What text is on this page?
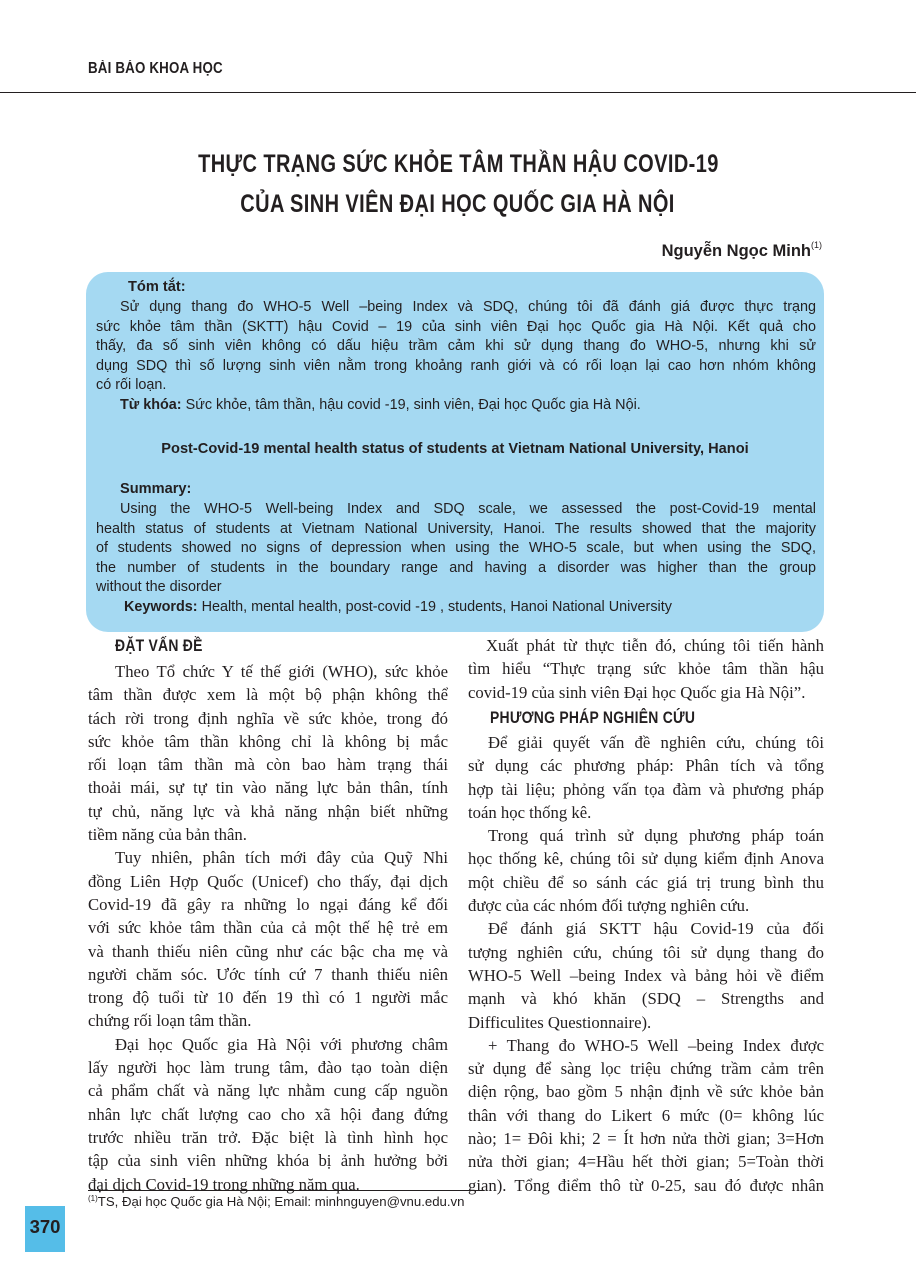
BÀI BÁO KHOA HỌC
THỰC TRẠNG SỨC KHỎE TÂM THẦN HẬU COVID-19
CỦA SINH VIÊN ĐẠI HỌC QUỐC GIA HÀ NỘI
Nguyễn Ngọc Minh$^{(1)}$
Tóm tắt:
Sử dụng thang đo WHO-5 Well –being Index và SDQ, chúng tôi đã đánh giá được thực trạng
sức khỏe tâm thần (SKTT) hậu Covid – 19 của sinh viên Đại học Quốc gia Hà Nội. Kết quả cho
thấy, đa số sinh viên không có dấu hiệu trầm cảm khi sử dụng thang đo WHO-5, nhưng khi sử
dụng SDQ thì số lượng sinh viên nằm trong khoảng ranh giới và có rối loạn lại cao hơn nhóm không
có rối loạn.
Từ khóa: Sức khỏe, tâm thần, hậu covid -19, sinh viên, Đại học Quốc gia Hà Nội.
Post-Covid-19 mental health status of students at Vietnam National University, Hanoi
Summary:
Using the WHO-5 Well-being Index and SDQ scale, we assessed the post-Covid-19 mental
health status of students at Vietnam National University, Hanoi. The results showed that the majority
of students showed no signs of depression when using the WHO-5 scale, but when using the SDQ,
the number of students in the boundary range and having a disorder was higher than the group
without the disorder
Keywords: Health, mental health, post-covid -19 , students, Hanoi National University
ĐẶT VẤN ĐỀ
Theo Tổ chức Y tế thế giới (WHO), sức khỏe
tâm thần được xem là một bộ phận không thể
tách rời trong định nghĩa về sức khỏe, trong đó
sức khỏe tâm thần không chỉ là không bị mắc
rối loạn tâm thần mà còn bao hàm trạng thái
thoải mái, sự tự tin vào năng lực bản thân, tính
tự chủ, năng lực và khả năng nhận biết những
tiềm năng của bản thân.
Tuy nhiên, phân tích mới đây của Quỹ Nhi
đồng Liên Hợp Quốc (Unicef) cho thấy, đại dịch
Covid-19 đã gây ra những lo ngại đáng kể đối
với sức khỏe tâm thần của cả một thế hệ trẻ em
và thanh thiếu niên cũng như các bậc cha mẹ và
người chăm sóc. Ước tính cứ 7 thanh thiếu niên
trong độ tuổi từ 10 đến 19 thì có 1 người mắc
chứng rối loạn tâm thần.
Đại học Quốc gia Hà Nội với phương châm
lấy người học làm trung tâm, đào tạo toàn diện
cả phẩm chất và năng lực nhằm cung cấp nguồn
nhân lực chất lượng cao cho xã hội đang đứng
trước nhiều trăn trở. Đặc biệt là tình hình học
tập của sinh viên những khóa bị ảnh hưởng bởi
đại dịch Covid-19 trong những năm qua.
Xuất phát từ thực tiễn đó, chúng tôi tiến hành
tìm hiểu “Thực trạng sức khỏe tâm thần hậu
covid-19 của sinh viên Đại học Quốc gia Hà Nội”.
PHƯƠNG PHÁP NGHIÊN CỨU
Để giải quyết vấn đề nghiên cứu, chúng tôi
sử dụng các phương pháp: Phân tích và tổng
hợp tài liệu; phỏng vấn tọa đàm và phương pháp
toán học thống kê.
Trong quá trình sử dụng phương pháp toán
học thống kê, chúng tôi sử dụng kiểm định Anova
một chiều để so sánh các giá trị trung bình thu
được của các nhóm đối tượng nghiên cứu.
Để đánh giá SKTT hậu Covid-19 của đối
tượng nghiên cứu, chúng tôi sử dụng thang đo
WHO-5 Well –being Index và bảng hỏi về điểm
mạnh và khó khăn (SDQ – Strengths and
Difficulites Questionnaire).
+ Thang đo WHO-5 Well –being Index được
sử dụng để sàng lọc triệu chứng trầm cảm trên
diện rộng, bao gồm 5 nhận định về sức khỏe bản
thân với thang do Likert 6 mức (0= không lúc
nào; 1= Đôi khi; 2 = Ít hơn nửa thời gian; 3=Hơn
nửa thời gian; 4=Hầu hết thời gian; 5=Toàn thời
gian). Tổng điểm thô từ 0-25, sau đó được nhân
$^{(1)}$TS, Đại học Quốc gia Hà Nội; Email: minhnguyen@vnu.edu.vn
370
